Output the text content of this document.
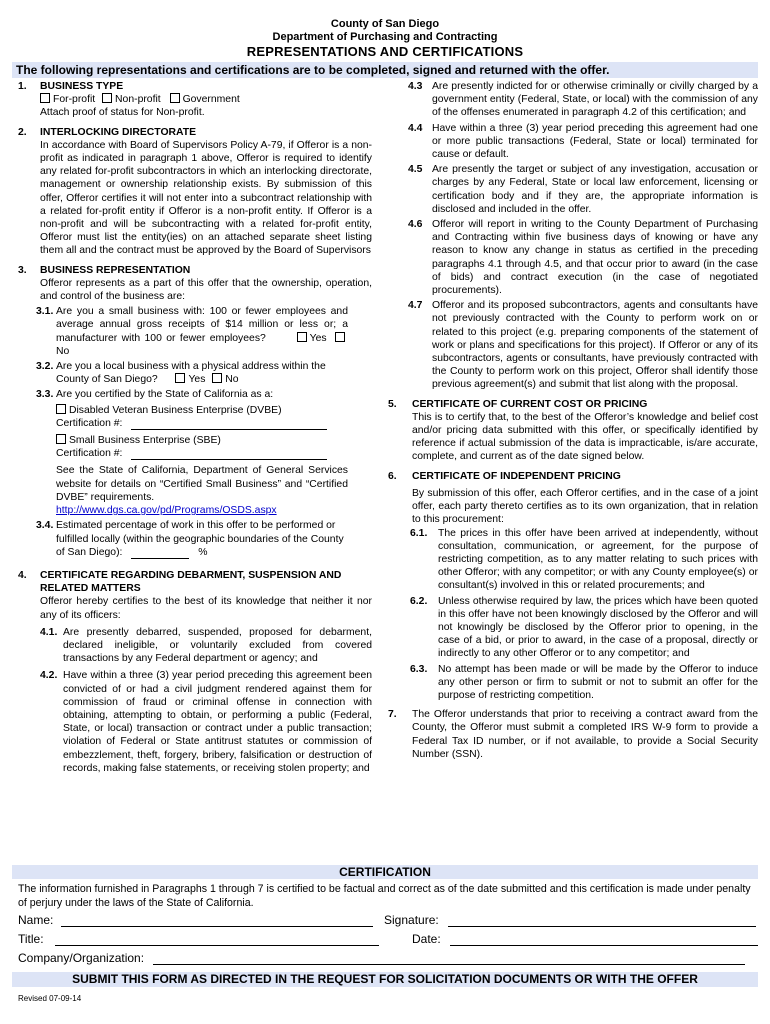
County of San Diego
Department of Purchasing and Contracting
REPRESENTATIONS AND CERTIFICATIONS
The following representations and certifications are to be completed, signed and returned with the offer.
1. BUSINESS TYPE
For-profit Non-profit Government
Attach proof of status for Non-profit.
2. INTERLOCKING DIRECTORATE
In accordance with Board of Supervisors Policy A-79, if Offeror is a non-profit as indicated in paragraph 1 above, Offeror is required to identify any related for-profit subcontractors in which an interlocking directorate, management or ownership relationship exists. By submission of this offer, Offeror certifies it will not enter into a subcontract relationship with a related for-profit entity if Offeror is a non-profit entity. If Offeror is a non-profit and will be subcontracting with a related for-profit entity, Offeror must list the entity(ies) on an attached separate sheet listing them all and the contract must be approved by the Board of Supervisors
3. BUSINESS REPRESENTATION
Offeror represents as a part of this offer that the ownership, operation, and control of the business are:
3.1. Are you a small business with: 100 or fewer employees and average annual gross receipts of $14 million or less or; a manufacturer with 100 or fewer employees?	Yes No
3.2. Are you a local business with a physical address within the County of San Diego?	Yes No
3.3. Are you certified by the State of California as a:
Disabled Veteran Business Enterprise (DVBE)
Certification #:
Small Business Enterprise (SBE)
Certification #:
See the State of California, Department of General Services website for details on “Certified Small Business” and “Certified DVBE” requirements.
http://www.dgs.ca.gov/pd/Programs/OSDS.aspx
3.4. Estimated percentage of work in this offer to be performed or fulfilled locally (within the geographic boundaries of the County of San Diego):	%
4. CERTIFICATE REGARDING DEBARMENT, SUSPENSION AND RELATED MATTERS
Offeror hereby certifies to the best of its knowledge that neither it nor any of its officers:
4.1. Are presently debarred, suspended, proposed for debarment, declared ineligible, or voluntarily excluded from covered transactions by any Federal department or agency; and
4.2. Have within a three (3) year period preceding this agreement been convicted of or had a civil judgment rendered against them for commission of fraud or criminal offense in connection with obtaining, attempting to obtain, or performing a public (Federal, State, or local) transaction or contract under a public transaction; violation of Federal or State antitrust statutes or commission of embezzlement, theft, forgery, bribery, falsification or destruction of records, making false statements, or receiving stolen property; and
4.3 Are presently indicted for or otherwise criminally or civilly charged by a government entity (Federal, State, or local) with the commission of any of the offenses enumerated in paragraph 4.2 of this certification; and
4.4 Have within a three (3) year period preceding this agreement had one or more public transactions (Federal, State or local) terminated for cause or default.
4.5 Are presently the target or subject of any investigation, accusation or charges by any Federal, State or local law enforcement, licensing or certification body and if they are, the appropriate information is disclosed and included in the offer.
4.6 Offeror will report in writing to the County Department of Purchasing and Contracting within five business days of knowing or have any reason to know any change in status as certified in the preceding paragraphs 4.1 through 4.5, and that occur prior to award (in the case of bids) and contract execution (in the case of negotiated procurements).
4.7 Offeror and its proposed subcontractors, agents and consultants have not previously contracted with the County to perform work on or related to this project (e.g. preparing components of the statement of work or plans and specifications for this project). If Offeror or any of its subcontractors, agents or consultants, have previously contracted with the County to perform work on this project, Offeror shall identify those previous agreement(s) and submit that list along with the proposal.
5. CERTIFICATE OF CURRENT COST OR PRICING
This is to certify that, to the best of the Offeror’s knowledge and belief cost and/or pricing data submitted with this offer, or specifically identified by reference if actual submission of the data is impracticable, is/are accurate, complete, and current as of the date signed below.
6. CERTIFICATE OF INDEPENDENT PRICING
By submission of this offer, each Offeror certifies, and in the case of a joint offer, each party thereto certifies as to its own organization, that in relation to this procurement:
6.1. The prices in this offer have been arrived at independently, without consultation, communication, or agreement, for the purpose of restricting competition, as to any matter relating to such prices with other Offeror; with any competitor; or with any County employee(s) or consultant(s) involved in this or related procurements; and
6.2. Unless otherwise required by law, the prices which have been quoted in this offer have not been knowingly disclosed by the Offeror and will not knowingly be disclosed by the Offeror prior to opening, in the case of a bid, or prior to award, in the case of a proposal, directly or indirectly to any other Offeror or to any competitor; and
6.3. No attempt has been made or will be made by the Offeror to induce any other person or firm to submit or not to submit an offer for the purpose of restricting competition.
7. The Offeror understands that prior to receiving a contract award from the County, the Offeror must submit a completed IRS W-9 form to provide a Federal Tax ID number, or if not available, to provide a Social Security Number (SSN).
CERTIFICATION
The information furnished in Paragraphs 1 through 7 is certified to be factual and correct as of the date submitted and this certification is made under penalty of perjury under the laws of the State of California.
Name:	Signature:
Title:	Date:
Company/Organization:
SUBMIT THIS FORM AS DIRECTED IN THE REQUEST FOR SOLICITATION DOCUMENTS OR WITH THE OFFER
Revised 07-09-14
